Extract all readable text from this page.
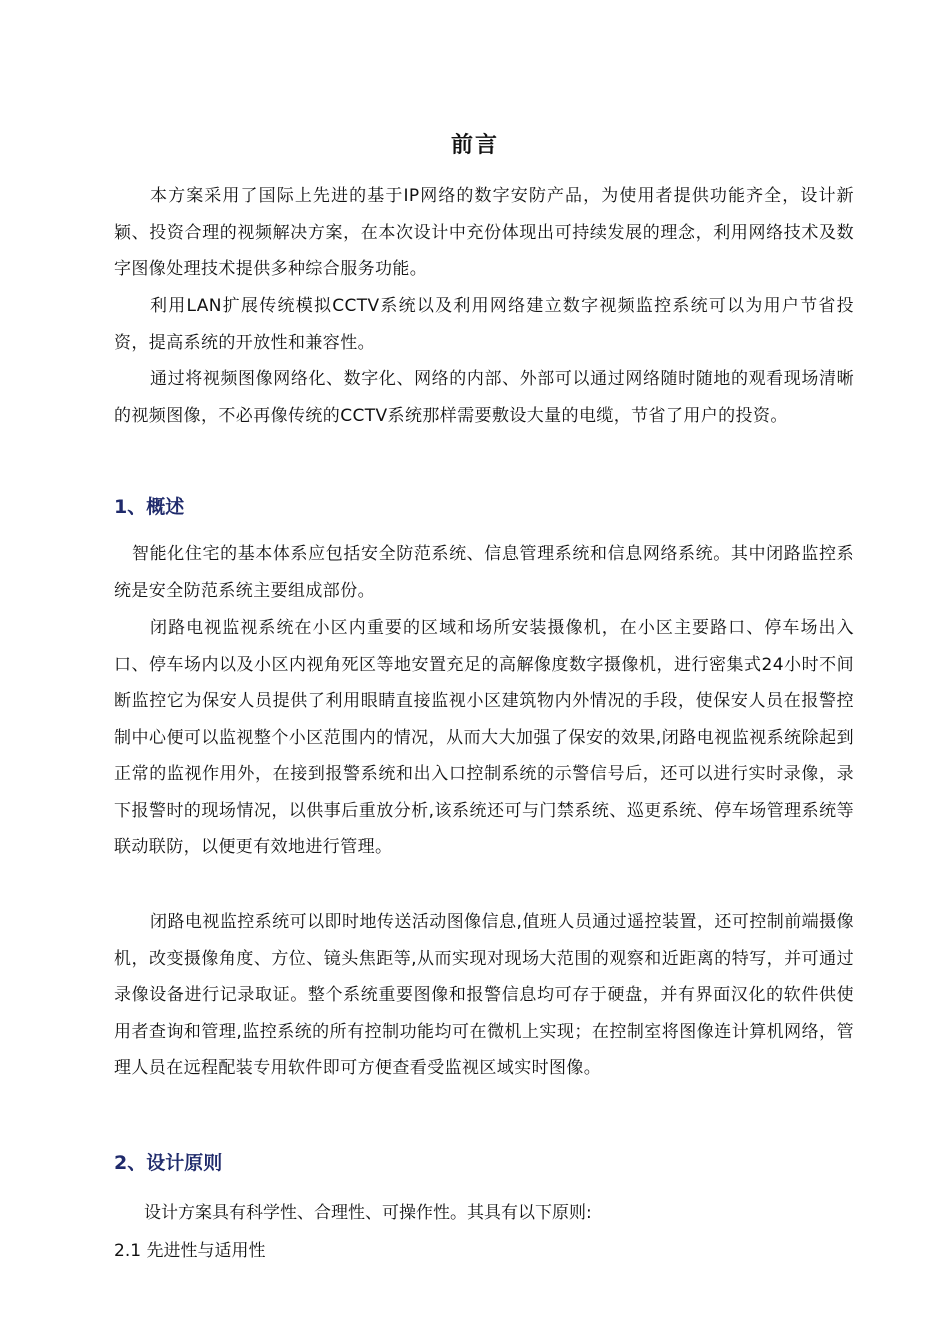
前言

本方案采用了国际上先进的基于IP网络的数字安防产品，为使用者提供功能齐全，设计新颖、投资合理的视频解决方案，在本次设计中充份体现出可持续发展的理念，利用网络技术及数字图像处理技术提供多种综合服务功能。

利用LAN扩展传统模拟CCTV系统以及利用网络建立数字视频监控系统可以为用户节省投资，提高系统的开放性和兼容性。

通过将视频图像网络化、数字化、网络的内部、外部可以通过网络随时随地的观看现场清晰的视频图像，不必再像传统的CCTV系统那样需要敷设大量的电缆，节省了用户的投资。

1、概述

智能化住宅的基本体系应包括安全防范系统、信息管理系统和信息网络系统。其中闭路监控系统是安全防范系统主要组成部份。

闭路电视监视系统在小区内重要的区域和场所安装摄像机，在小区主要路口、停车场出入口、停车场内以及小区内视角死区等地安置充足的高解像度数字摄像机，进行密集式24小时不间断监控它为保安人员提供了利用眼睛直接监视小区建筑物内外情况的手段，使保安人员在报警控制中心便可以监视整个小区范围内的情况，从而大大加强了保安的效果,闭路电视监视系统除起到正常的监视作用外，在接到报警系统和出入口控制系统的示警信号后，还可以进行实时录像，录下报警时的现场情况，以供事后重放分析,该系统还可与门禁系统、巡更系统、停车场管理系统等联动联防，以便更有效地进行管理。

闭路电视监控系统可以即时地传送活动图像信息,值班人员通过遥控装置，还可控制前端摄像机，改变摄像角度、方位、镜头焦距等,从而实现对现场大范围的观察和近距离的特写，并可通过录像设备进行记录取证。整个系统重要图像和报警信息均可存于硬盘，并有界面汉化的软件供使用者查询和管理,监控系统的所有控制功能均可在微机上实现；在控制室将图像连计算机网络，管理人员在远程配装专用软件即可方便查看受监视区域实时图像。

2、设计原则

设计方案具有科学性、合理性、可操作性。其具有以下原则:

2.1 先进性与适用性
